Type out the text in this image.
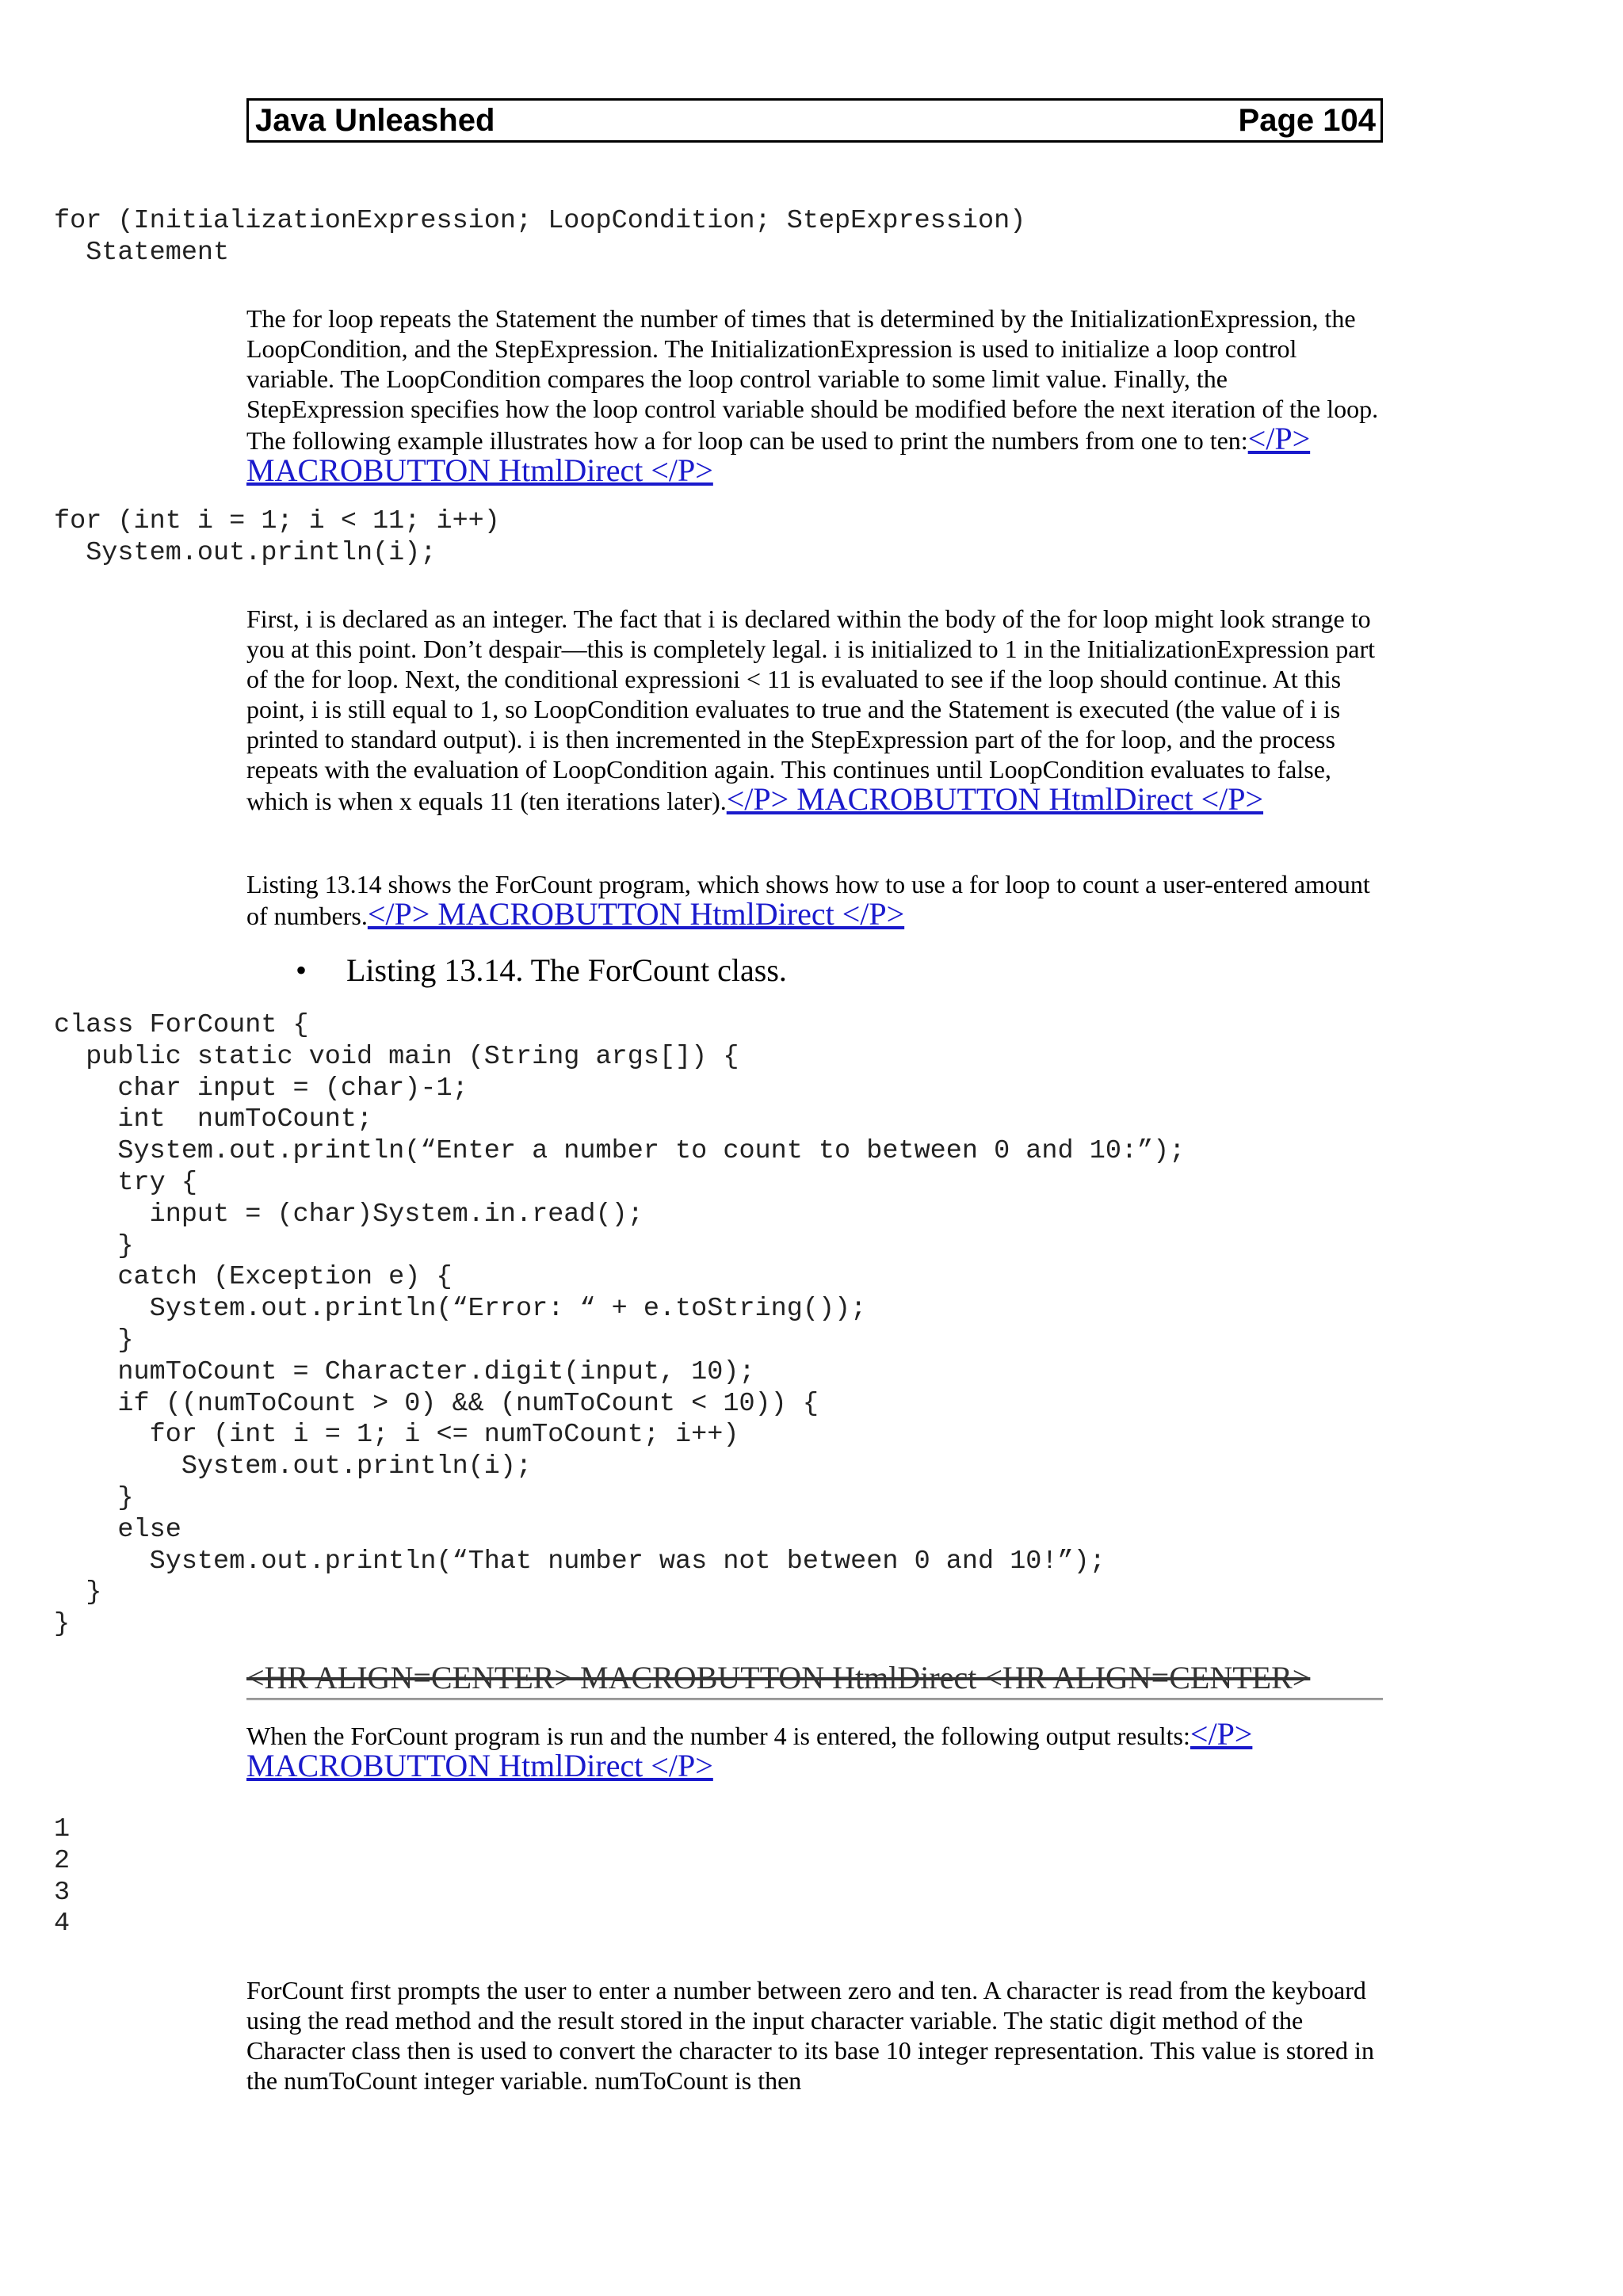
Java Unleashed	Page 104
for (InitializationExpression; LoopCondition; StepExpression)
Statement

The for loop repeats the Statement the number of times that is determined by the InitializationExpression, the LoopCondition, and the StepExpression. The InitializationExpression is used to initialize a loop control variable. The LoopCondition compares the loop control variable to some limit value. Finally, the StepExpression specifies how the loop control variable should be modified before the next iteration of the loop. The following example illustrates how a for loop can be used to print the numbers from one to ten:</P> MACROBUTTON HtmlDirect </P>

for (int i = 1; i < 11; i++)
System.out.println(i);

First, i is declared as an integer. The fact that i is declared within the body of the for loop might look strange to you at this point. Don’t despair—this is completely legal. i is initialized to 1 in the InitializationExpression part of the for loop. Next, the conditional expressioni < 11 is evaluated to see if the loop should continue. At this point, i is still equal to 1, so LoopCondition evaluates to true and the Statement is executed (the value of i is printed to standard output). i is then incremented in the StepExpression part of the for loop, and the process repeats with the evaluation of LoopCondition again. This continues until LoopCondition evaluates to false, which is when x equals 11 (ten iterations later).</P> MACROBUTTON HtmlDirect </P>

Listing 13.14 shows the ForCount program, which shows how to use a for loop to count a user-entered amount of numbers.</P> MACROBUTTON HtmlDirect </P>

• Listing 13.14. The ForCount class.
class ForCount {
public static void main (String args[]) {
char input = (char)-1;
int  numToCount;
System.out.println(“Enter a number to count to between 0 and 10:”);
try {
input = (char)System.in.read();
}
catch (Exception e) {
System.out.println(“Error: “ + e.toString());
}
numToCount = Character.digit(input, 10);
if ((numToCount > 0) && (numToCount < 10)) {
for (int i = 1; i <= numToCount; i++)
System.out.println(i);
}
else
System.out.println(“That number was not between 0 and 10!”);
}
}
<HR ALIGN=CENTER> MACROBUTTON HtmlDirect <HR ALIGN=CENTER>

When the ForCount program is run and the number 4 is entered, the following output results:</P> MACROBUTTON HtmlDirect </P>

1
2
3
4

ForCount first prompts the user to enter a number between zero and ten. A character is read from the keyboard using the read method and the result stored in the input character variable. The static digit method of the Character class then is used to convert the character to its base 10 integer representation. This value is stored in the numToCount integer variable. numToCount is then
